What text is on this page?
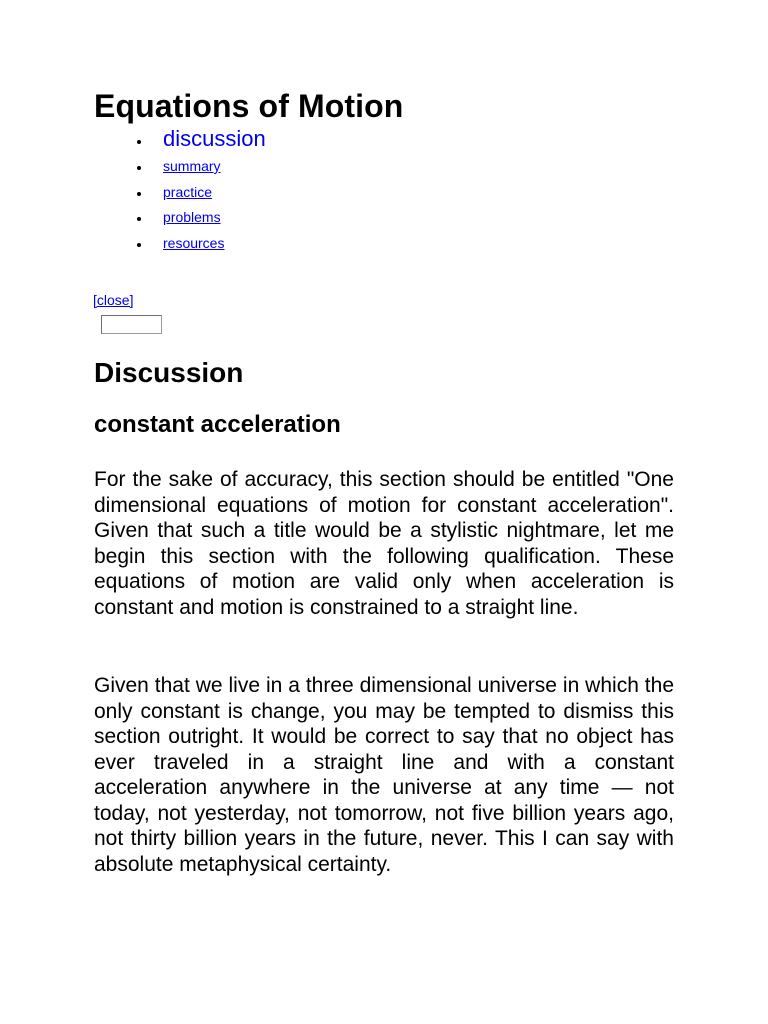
Equations of Motion
discussion
summary
practice
problems
resources
[close]
Discussion
constant acceleration

For the sake of accuracy, this section should be entitled "One dimensional equations of motion for constant acceleration". Given that such a title would be a stylistic nightmare, let me begin this section with the following qualification. These equations of motion are valid only when acceleration is constant and motion is constrained to a straight line.

Given that we live in a three dimensional universe in which the only constant is change, you may be tempted to dismiss this section outright. It would be correct to say that no object has ever traveled in a straight line and with a constant acceleration anywhere in the universe at any time — not today, not yesterday, not tomorrow, not five billion years ago, not thirty billion years in the future, never. This I can say with absolute metaphysical certainty.
